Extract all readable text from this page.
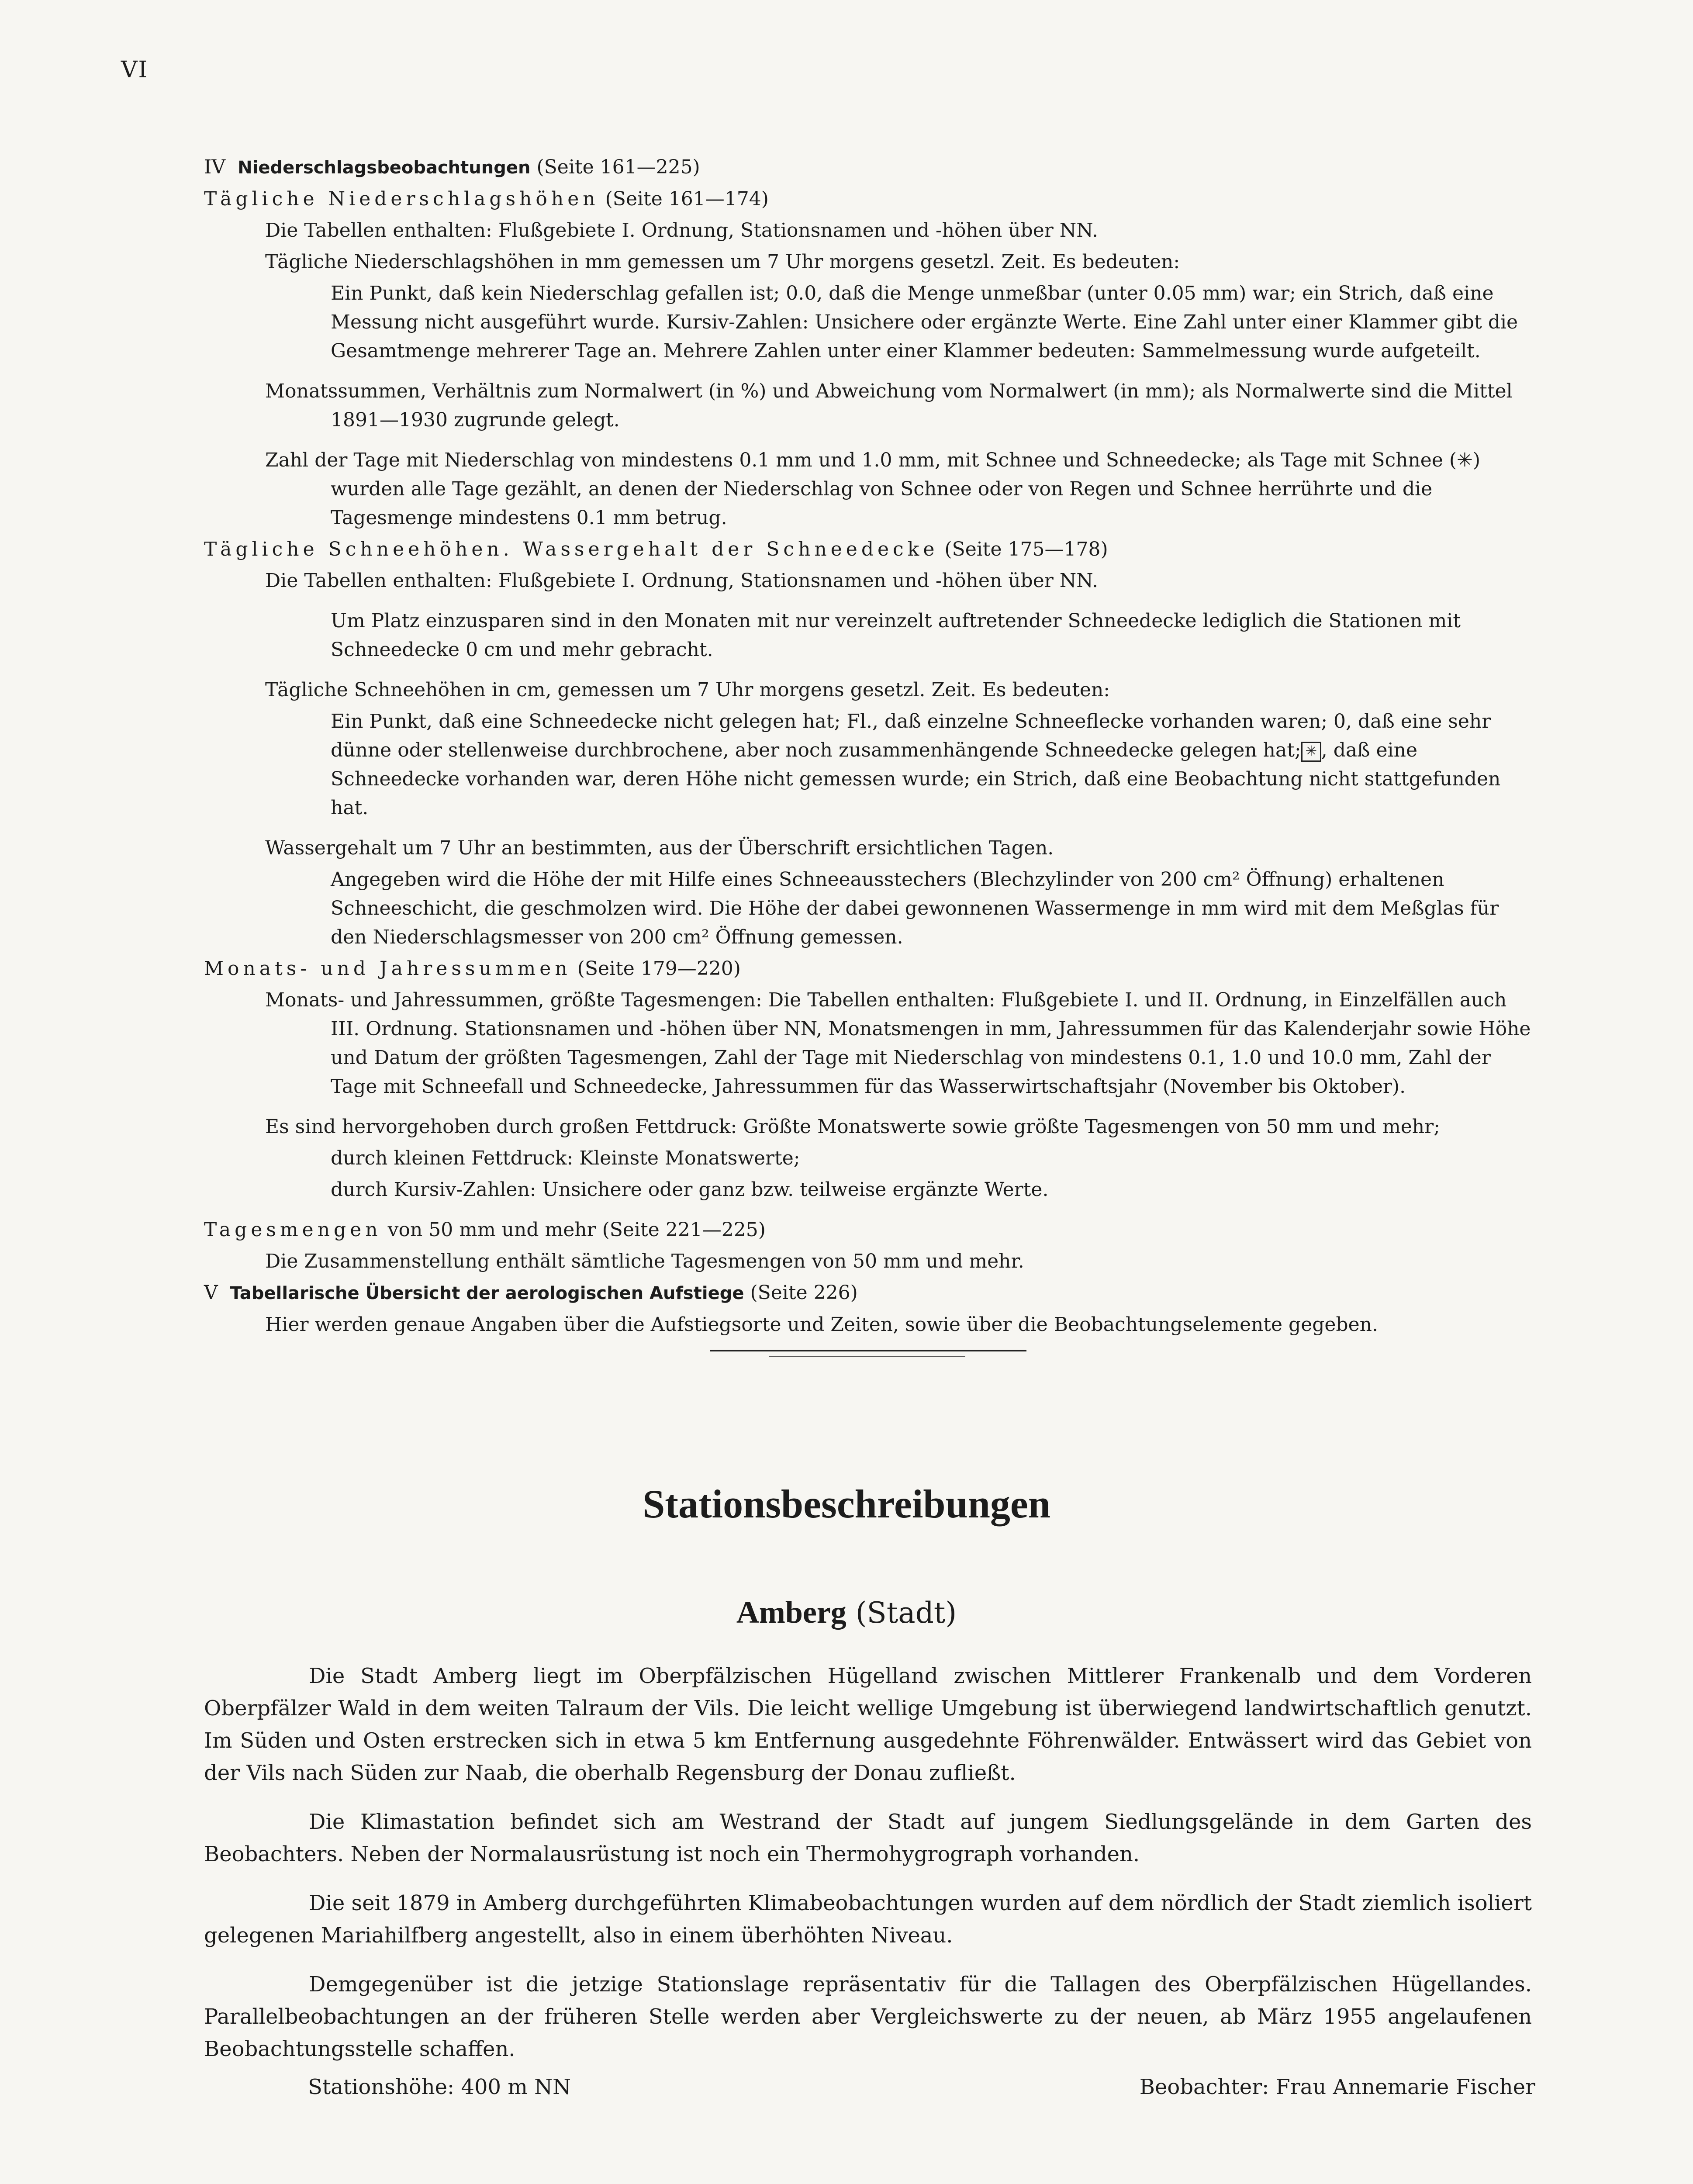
VI
IV Niederschlagsbeobachtungen (Seite 161—225)
Tägliche Niederschlagshöhen (Seite 161—174)
Die Tabellen enthalten: Flußgebiete I. Ordnung, Stationsnamen und -höhen über NN.
Tägliche Niederschlagshöhen in mm gemessen um 7 Uhr morgens gesetzl. Zeit. Es bedeuten:
Ein Punkt, daß kein Niederschlag gefallen ist; 0.0, daß die Menge unmeßbar (unter 0.05 mm) war; ein Strich, daß eine Messung nicht ausgeführt wurde. Kursiv-Zahlen: Unsichere oder ergänzte Werte. Eine Zahl unter einer Klammer gibt die Gesamtmenge mehrerer Tage an. Mehrere Zahlen unter einer Klammer bedeuten: Sammelmessung wurde aufgeteilt.
Monatssummen, Verhältnis zum Normalwert (in %) und Abweichung vom Normalwert (in mm); als Normalwerte sind die Mittel 1891—1930 zugrunde gelegt.
Zahl der Tage mit Niederschlag von mindestens 0.1 mm und 1.0 mm, mit Schnee und Schneedecke; als Tage mit Schnee (✳) wurden alle Tage gezählt, an denen der Niederschlag von Schnee oder von Regen und Schnee herrührte und die Tagesmenge mindestens 0.1 mm betrug.
Tägliche Schneehöhen. Wassergehalt der Schneedecke (Seite 175—178)
Die Tabellen enthalten: Flußgebiete I. Ordnung, Stationsnamen und -höhen über NN.
Um Platz einzusparen sind in den Monaten mit nur vereinzelt auftretender Schneedecke lediglich die Stationen mit Schneedecke 0 cm und mehr gebracht.
Tägliche Schneehöhen in cm, gemessen um 7 Uhr morgens gesetzl. Zeit. Es bedeuten:
Ein Punkt, daß eine Schneedecke nicht gelegen hat; Fl., daß einzelne Schneeflecke vorhanden waren; 0, daß eine sehr dünne oder stellenweise durchbrochene, aber noch zusammenhängende Schneedecke gelegen hat; ✳ , daß eine Schneedecke vorhanden war, deren Höhe nicht gemessen wurde; ein Strich, daß eine Beobachtung nicht stattgefunden hat.
Wassergehalt um 7 Uhr an bestimmten, aus der Überschrift ersichtlichen Tagen.
Angegeben wird die Höhe der mit Hilfe eines Schneeausstechers (Blechzylinder von 200 cm² Öffnung) erhaltenen Schneeschicht, die geschmolzen wird. Die Höhe der dabei gewonnenen Wassermenge in mm wird mit dem Meßglas für den Niederschlagsmesser von 200 cm² Öffnung gemessen.
Monats- und Jahressummen (Seite 179—220)
Monats- und Jahressummen, größte Tagesmengen: Die Tabellen enthalten: Flußgebiete I. und II. Ordnung, in Einzelfällen auch III. Ordnung. Stationsnamen und -höhen über NN, Monatsmengen in mm, Jahressummen für das Kalenderjahr sowie Höhe und Datum der größten Tagesmengen, Zahl der Tage mit Niederschlag von mindestens 0.1, 1.0 und 10.0 mm, Zahl der Tage mit Schneefall und Schneedecke, Jahressummen für das Wasserwirtschaftsjahr (November bis Oktober).
Es sind hervorgehoben durch großen Fettdruck: Größte Monatswerte sowie größte Tagesmengen von 50 mm und mehr;
durch kleinen Fettdruck: Kleinste Monatswerte;
durch Kursiv-Zahlen: Unsichere oder ganz bzw. teilweise ergänzte Werte.
Tagesmengen von 50 mm und mehr (Seite 221—225)
Die Zusammenstellung enthält sämtliche Tagesmengen von 50 mm und mehr.
V Tabellarische Übersicht der aerologischen Aufstiege (Seite 226)
Hier werden genaue Angaben über die Aufstiegsorte und Zeiten, sowie über die Beobachtungselemente gegeben.
Stationsbeschreibungen
Amberg (Stadt)

Die Stadt Amberg liegt im Oberpfälzischen Hügelland zwischen Mittlerer Frankenalb und dem Vorderen Oberpfälzer Wald in dem weiten Talraum der Vils. Die leicht wellige Umgebung ist überwiegend landwirtschaftlich genutzt. Im Süden und Osten erstrecken sich in etwa 5 km Entfernung ausgedehnte Föhrenwälder. Entwässert wird das Gebiet von der Vils nach Süden zur Naab, die oberhalb Regensburg der Donau zufließt.

Die Klimastation befindet sich am Westrand der Stadt auf jungem Siedlungsgelände in dem Garten des Beobachters. Neben der Normalausrüstung ist noch ein Thermohygrograph vorhanden.

Die seit 1879 in Amberg durchgeführten Klimabeobachtungen wurden auf dem nördlich der Stadt ziemlich isoliert gelegenen Mariahilfberg angestellt, also in einem überhöhten Niveau.

Demgegenüber ist die jetzige Stationslage repräsentativ für die Tallagen des Oberpfälzischen Hügellandes. Parallelbeobachtungen an der früheren Stelle werden aber Vergleichswerte zu der neuen, ab März 1955 angelaufenen Beobachtungsstelle schaffen.

Stationshöhe: 400 m NN	Beobachter: Frau Annemarie Fischer
